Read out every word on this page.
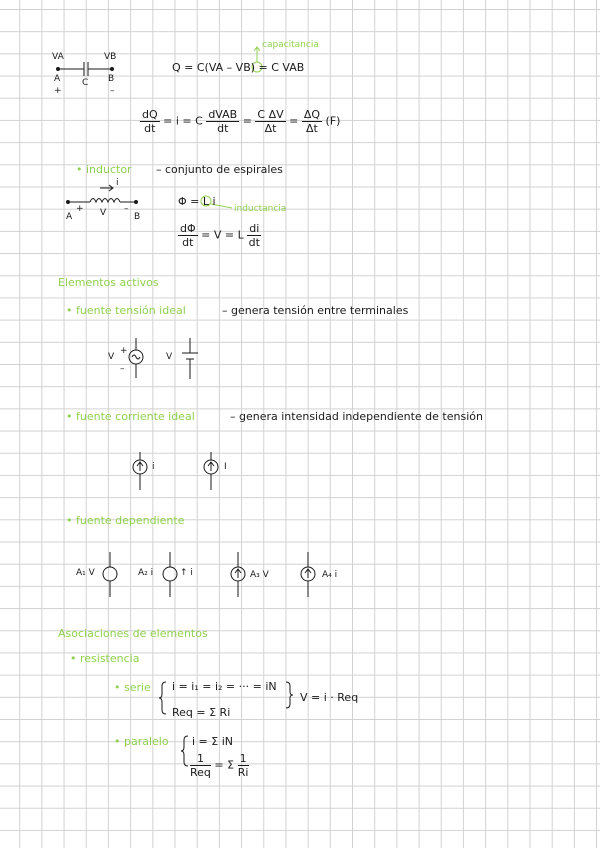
VA	VB
A	B
C
+	–
Q = C(VA – VB) = C VAB
capacitancia
$\frac{dQ}{dt} = i = C$ dVAB
dt
= $\frac{\text{C ΔV}}{\Delta t} = \frac{\Delta Q}{\Delta t} (F)$
• inductor – conjunto de espirales
i
A	B
V
+	–
Φ = L i
inductancia
$\frac{d\Phi}{dt} = V = L \frac{di}{dt}$
Elementos activos
• fuente tensión ideal	– genera tensión entre terminales
V
+
–
V
• fuente corriente ideal	– genera intensidad independiente de tensión
i	I
• fuente dependiente
A₁ V	A₂ i	↑ i	A₃ V	A₄ i
Asociaciones de elementos
• resistencia
• serie i = i₁ = i₂ = ··· = iN
Req = Σ Ri
V = i · Req
• paralelo i = Σ iN
1
Req
= Σ $\frac{1}{Ri}$
